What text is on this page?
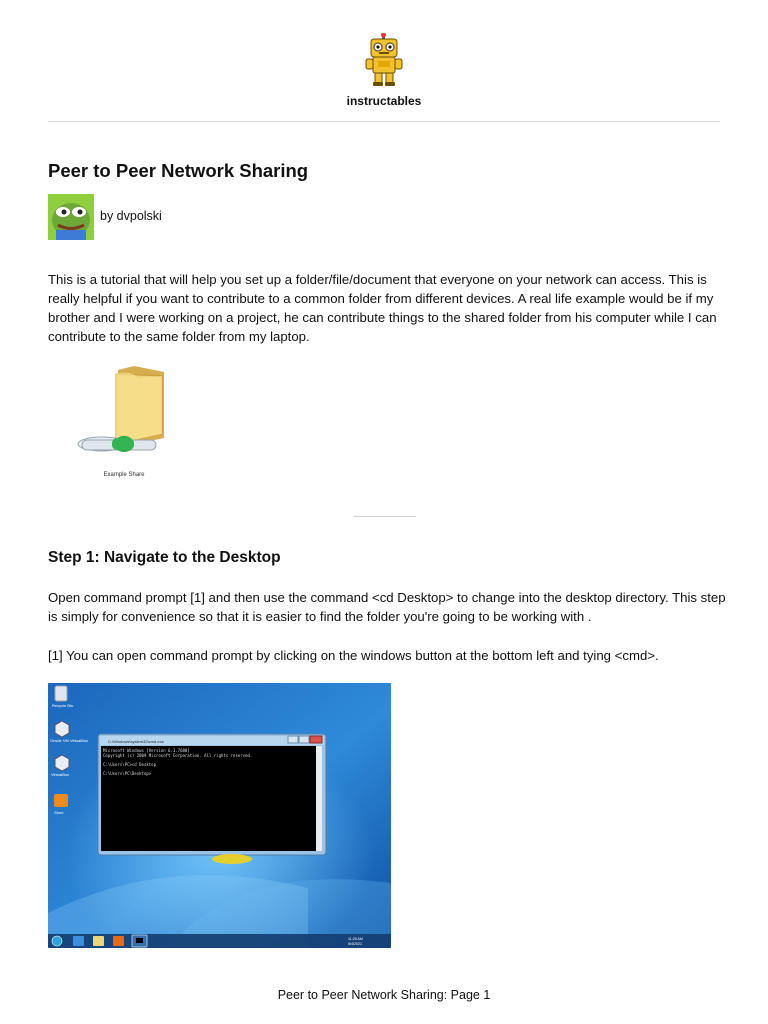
instructables
Peer to Peer Network Sharing
by dvpolski

This is a tutorial that will help you set up a folder/file/document that everyone on your network can access. This is really helpful if you want to contribute to a common folder from different devices. A real life example would be if my brother and I were working on a project, he can contribute things to the shared folder from his computer while I can contribute to the same folder from my laptop.

Example Share
Step 1: Navigate to the Desktop

Open command prompt [1] and then use the command <cd Desktop> to change into the desktop directory. This step is simply for convenience so that it is easier to find the folder you're going to be working with .

[1] You can open command prompt by clicking on the windows button at the bottom left and tying <cmd>.

Recycle Bin
Oracle VM VirtualBox
VirtualBox
Store
C:\Windows\system32\cmd.exe
Microsoft Windows [Version 6.1.7600]
Copyright (c) 2009 Microsoft Corporation. All rights reserved.
C:\Users\PC>cd Desktop
C:\Users\PC\Desktop>
11:25 AM
5/4/2021
Peer to Peer Network Sharing: Page 1
